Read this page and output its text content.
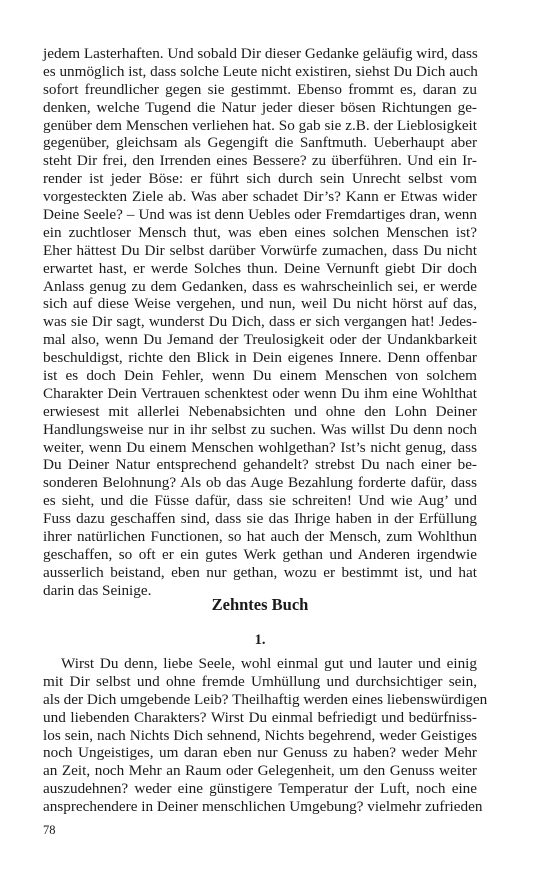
jedem Lasterhaften. Und sobald Dir dieser Gedanke geläufig wird, dass
es unmöglich ist, dass solche Leute nicht existiren, siehst Du Dich auch
sofort freundlicher gegen sie gestimmt. Ebenso frommt es, daran zu
denken, welche Tugend die Natur jeder dieser bösen Richtungen ge-
genüber dem Menschen verliehen hat. So gab sie z.B. der Lieblosigkeit
gegenüber, gleichsam als Gegengift die Sanftmuth. Ueberhaupt aber
steht Dir frei, den Irrenden eines Bessere? zu überführen. Und ein Ir-
render ist jeder Böse: er führt sich durch sein Unrecht selbst vom
vorgesteckten Ziele ab. Was aber schadet Dir’s? Kann er Etwas wider
Deine Seele? – Und was ist denn Uebles oder Fremdartiges dran, wenn
ein zuchtloser Mensch thut, was eben eines solchen Menschen ist?
Eher hättest Du Dir selbst darüber Vorwürfe zumachen, dass Du nicht
erwartet hast, er werde Solches thun. Deine Vernunft giebt Dir doch
Anlass genug zu dem Gedanken, dass es wahrscheinlich sei, er werde
sich auf diese Weise vergehen, und nun, weil Du nicht hörst auf das,
was sie Dir sagt, wunderst Du Dich, dass er sich vergangen hat! Jedes-
mal also, wenn Du Jemand der Treulosigkeit oder der Undankbarkeit
beschuldigst, richte den Blick in Dein eigenes Innere. Denn offenbar
ist es doch Dein Fehler, wenn Du einem Menschen von solchem
Charakter Dein Vertrauen schenktest oder wenn Du ihm eine Wohlthat
erwiesest mit allerlei Nebenabsichten und ohne den Lohn Deiner
Handlungsweise nur in ihr selbst zu suchen. Was willst Du denn noch
weiter, wenn Du einem Menschen wohlgethan? Ist’s nicht genug, dass
Du Deiner Natur entsprechend gehandelt? strebst Du nach einer be-
sonderen Belohnung? Als ob das Auge Bezahlung forderte dafür, dass
es sieht, und die Füsse dafür, dass sie schreiten! Und wie Aug’ und
Fuss dazu geschaffen sind, dass sie das Ihrige haben in der Erfüllung
ihrer natürlichen Functionen, so hat auch der Mensch, zum Wohlthun
geschaffen, so oft er ein gutes Werk gethan und Anderen irgendwie
ausserlich beistand, eben nur gethan, wozu er bestimmt ist, und hat
darin das Seinige.
Zehntes Buch
1.
Wirst Du denn, liebe Seele, wohl einmal gut und lauter und einig
mit Dir selbst und ohne fremde Umhüllung und durchsichtiger sein,
als der Dich umgebende Leib? Theilhaftig werden eines liebenswürdigen
und liebenden Charakters? Wirst Du einmal befriedigt und bedürfniss-
los sein, nach Nichts Dich sehnend, Nichts begehrend, weder Geistiges
noch Ungeistiges, um daran eben nur Genuss zu haben? weder Mehr
an Zeit, noch Mehr an Raum oder Gelegenheit, um den Genuss weiter
auszudehnen? weder eine günstigere Temperatur der Luft, noch eine
ansprechendere in Deiner menschlichen Umgebung? vielmehr zufrieden
78
